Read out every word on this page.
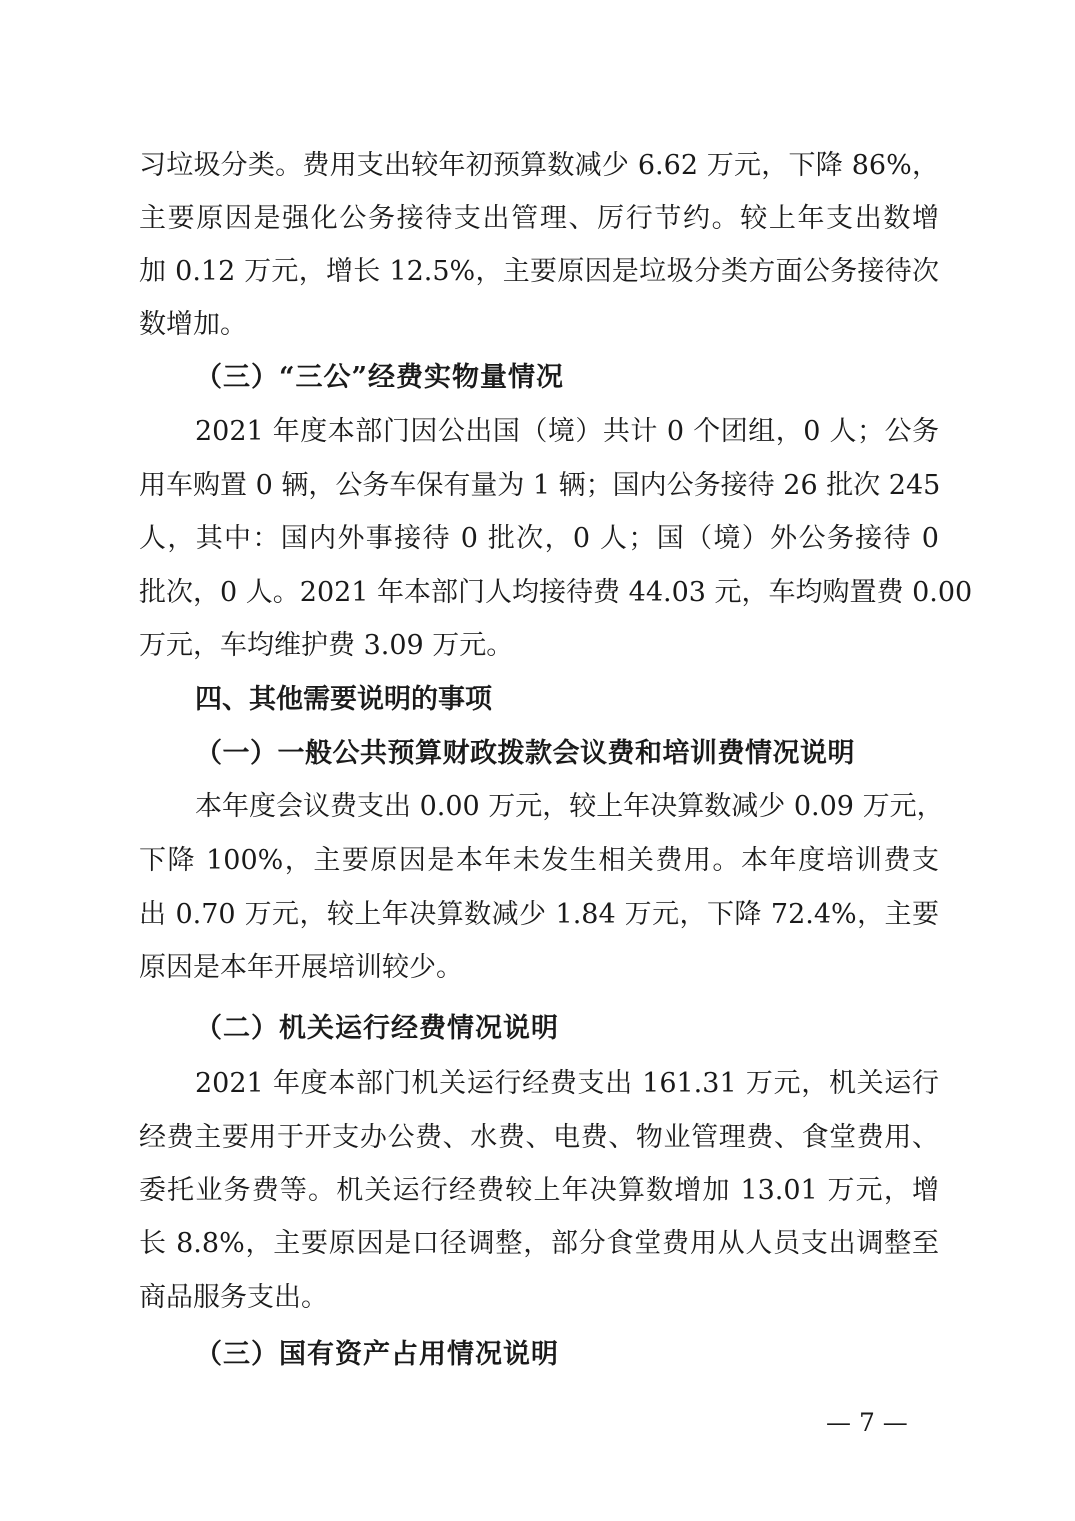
习垃圾分类。费用支出较年初预算数减少 6.62 万元，下降 86%，
主要原因是强化公务接待支出管理、厉行节约。较上年支出数增
加 0.12 万元，增长 12.5%，主要原因是垃圾分类方面公务接待次
数增加。
（三）“三公”经费实物量情况
2021 年度本部门因公出国（境）共计 0 个团组，0 人；公务
用车购置 0 辆，公务车保有量为 1 辆；国内公务接待 26 批次 245
人，其中：国内外事接待 0 批次，0 人；国（境）外公务接待 0
批次，0 人。2021 年本部门人均接待费 44.03 元，车均购置费 0.00
万元，车均维护费 3.09 万元。
四、其他需要说明的事项
（一）一般公共预算财政拨款会议费和培训费情况说明
本年度会议费支出 0.00 万元，较上年决算数减少 0.09 万元，
下降 100%，主要原因是本年未发生相关费用。本年度培训费支
出 0.70 万元，较上年决算数减少 1.84 万元，下降 72.4%，主要
原因是本年开展培训较少。
（二）机关运行经费情况说明
2021 年度本部门机关运行经费支出 161.31 万元，机关运行
经费主要用于开支办公费、水费、电费、物业管理费、食堂费用、
委托业务费等。机关运行经费较上年决算数增加 13.01 万元，增
长 8.8%，主要原因是口径调整，部分食堂费用从人员支出调整至
商品服务支出。
（三）国有资产占用情况说明
— 7 —
